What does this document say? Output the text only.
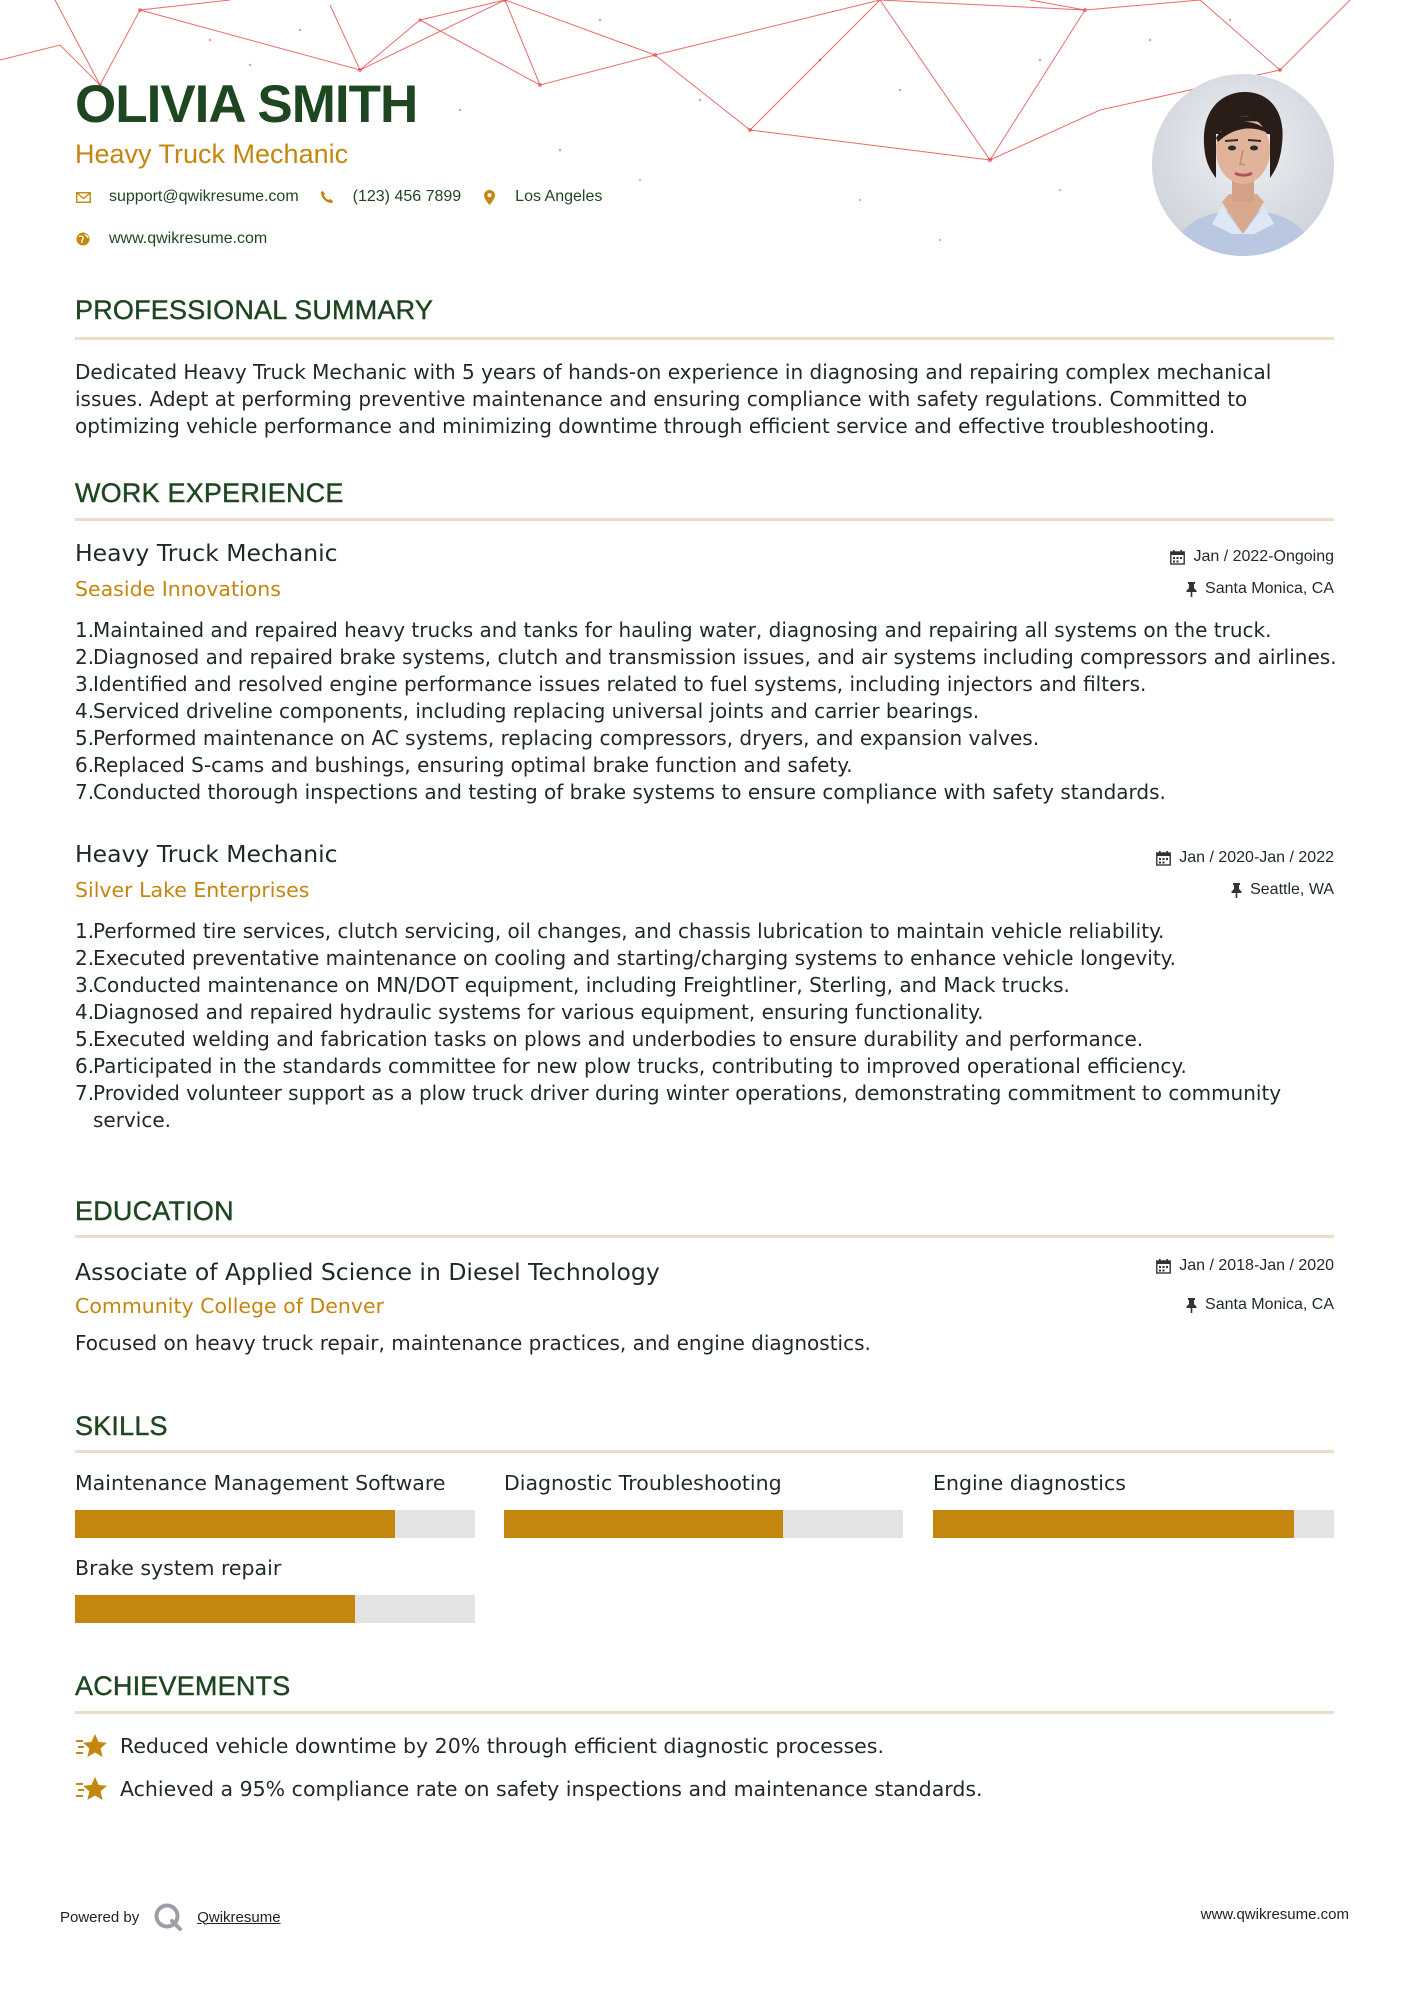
OLIVIA SMITH
Heavy Truck Mechanic
support@qwikresume.com	(123) 456 7899	Los Angeles
www.qwikresume.com
PROFESSIONAL SUMMARY
Dedicated Heavy Truck Mechanic with 5 years of hands-on experience in diagnosing and repairing complex mechanical issues. Adept at performing preventive maintenance and ensuring compliance with safety regulations. Committed to optimizing vehicle performance and minimizing downtime through efficient service and effective troubleshooting.
WORK EXPERIENCE
Heavy Truck Mechanic	Jan / 2022-Ongoing
Seaside Innovations	Santa Monica, CA
1.
Maintained and repaired heavy trucks and tanks for hauling water, diagnosing and repairing all systems on the truck.
2.
Diagnosed and repaired brake systems, clutch and transmission issues, and air systems including compressors and airlines.
3.
Identified and resolved engine performance issues related to fuel systems, including injectors and filters.
4.
Serviced driveline components, including replacing universal joints and carrier bearings.
5.
Performed maintenance on AC systems, replacing compressors, dryers, and expansion valves.
6.
Replaced S-cams and bushings, ensuring optimal brake function and safety.
7.
Conducted thorough inspections and testing of brake systems to ensure compliance with safety standards.
Heavy Truck Mechanic	Jan / 2020-Jan / 2022
Silver Lake Enterprises	Seattle, WA
1.
Performed tire services, clutch servicing, oil changes, and chassis lubrication to maintain vehicle reliability.
2.
Executed preventative maintenance on cooling and starting/charging systems to enhance vehicle longevity.
3.
Conducted maintenance on MN/DOT equipment, including Freightliner, Sterling, and Mack trucks.
4.
Diagnosed and repaired hydraulic systems for various equipment, ensuring functionality.
5.
Executed welding and fabrication tasks on plows and underbodies to ensure durability and performance.
6.
Participated in the standards committee for new plow trucks, contributing to improved operational efficiency.
7.
Provided volunteer support as a plow truck driver during winter operations, demonstrating commitment to community service.
EDUCATION
Associate of Applied Science in Diesel Technology	Jan / 2018-Jan / 2020
Community College of Denver	Santa Monica, CA
Focused on heavy truck repair, maintenance practices, and engine diagnostics.
SKILLS
Maintenance Management Software	Diagnostic Troubleshooting	Engine diagnostics
Brake system repair
ACHIEVEMENTS
Reduced vehicle downtime by 20% through efficient diagnostic processes.
Achieved a 95% compliance rate on safety inspections and maintenance standards.
Powered by	Qwikresume	www.qwikresume.com
